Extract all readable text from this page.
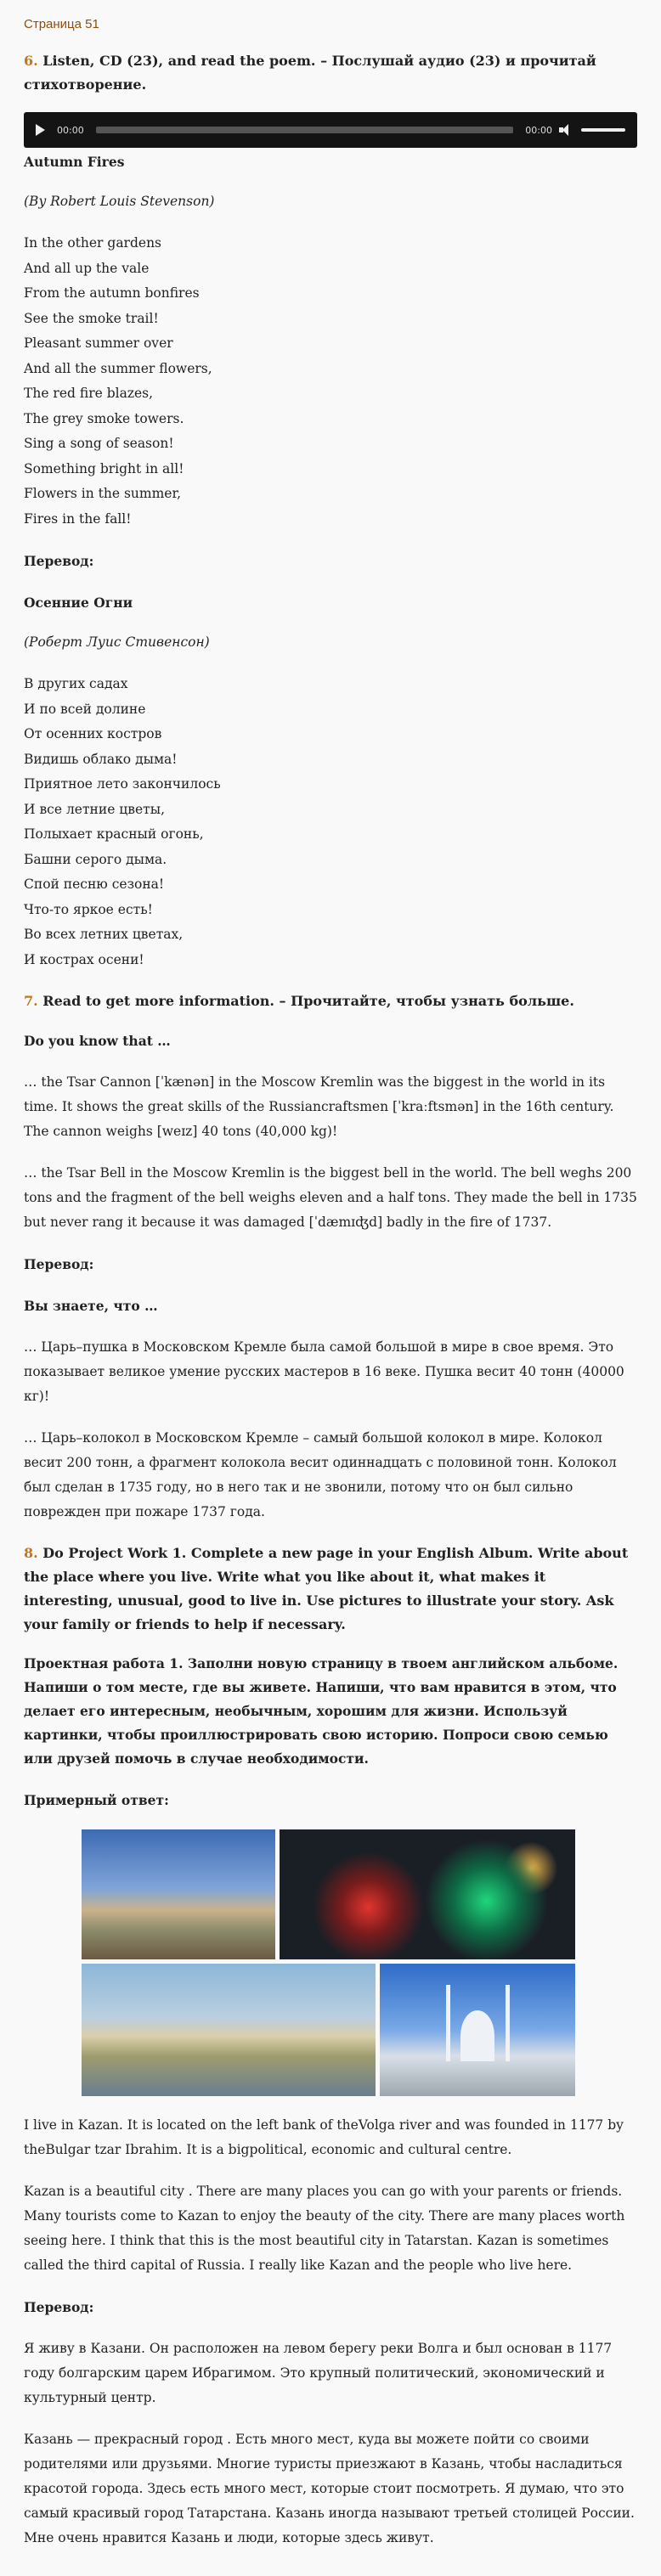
Страница 51
6. Listen, CD (23), and read the poem. – Послушай аудио (23) и прочитай стихотворение.
00:00	00:00
Autumn Fires
(By Robert Louis Stevenson)
In the other gardens
And all up the vale
From the autumn bonfires
See the smoke trail!
Pleasant summer over
And all the summer flowers,
The red fire blazes,
The grey smoke towers.
Sing a song of season!
Something bright in all!
Flowers in the summer,
Fires in the fall!
Перевод:
Осенние Огни
(Роберт Луис Стивенсон)
В других садах
И по всей долине
От осенних костров
Видишь облако дыма!
Приятное лето закончилось
И все летние цветы,
Полыхает красный огонь,
Башни серого дыма.
Спой песню сезона!
Что-то яркое есть!
Во всех летних цветах,
И кострах осени!
7. Read to get more information. – Прочитайте, чтобы узнать больше.
Do you know that …

… the Tsar Cannon [ˈkænən] in the Moscow Kremlin was the biggest in the world in its time. It shows the great skills of the Russiancraftsmen [ˈkraːftsmən] in the 16th century. The cannon weighs [weɪz] 40 tons (40,000 kg)!

… the Tsar Bell in the Moscow Kremlin is the biggest bell in the world. The bell weghs 200 tons and the fragment of the bell weighs eleven and a half tons. They made the bell in 1735 but never rang it because it was damaged [ˈdæmɪʤd] badly in the fire of 1737.

Перевод:
Вы знаете, что …

… Царь–пушка в Московском Кремле была самой большой в мире в свое время. Это показывает великое умение русских мастеров в 16 веке. Пушка весит 40 тонн (40000 кг)!

… Царь–колокол в Московском Кремле – самый большой колокол в мире. Колокол весит 200 тонн, а фрагмент колокола весит одиннадцать с половиной тонн. Колокол был сделан в 1735 году, но в него так и не звонили, потому что он был сильно поврежден при пожаре 1737 года.

8. Do Project Work 1. Complete a new page in your English Album. Write about the place where you live. Write what you like about it, what makes it interesting, unusual, good to live in. Use pictures to illustrate your story. Ask your family or friends to help if necessary.
Проектная работа 1. Заполни новую страницу в твоем английском альбоме. Напиши о том месте, где вы живете. Напиши, что вам нравится в этом, что делает его интересным, необычным, хорошим для жизни. Используй картинки, чтобы проиллюстрировать свою историю. Попроси свою семью или друзей помочь в случае необходимости.
Примерный ответ:

I live in Kazan. It is located on the left bank of theVolga river and was founded in 1177 by theBulgar tzar Ibrahim. It is a bigpolitical, economic and cultural centre.

Kazan is a beautiful city . There are many places you can go with your parents or friends. Many tourists come to Kazan to enjoy the beauty of the city. There are many places worth seeing here. I think that this is the most beautiful city in Tatarstan. Kazan is sometimes called the third capital of Russia. I really like Kazan and the people who live here.

Перевод:

Я живу в Казани. Он расположен на левом берегу реки Волга и был основан в 1177 году болгарским царем Ибрагимом. Это крупный политический, экономический и культурный центр.

Казань — прекрасный город . Есть много мест, куда вы можете пойти со своими родителями или друзьями. Многие туристы приезжают в Казань, чтобы насладиться красотой города. Здесь есть много мест, которые стоит посмотреть. Я думаю, что это самый красивый город Татарстана. Казань иногда называют третьей столицей России. Мне очень нравится Казань и люди, которые здесь живут.
